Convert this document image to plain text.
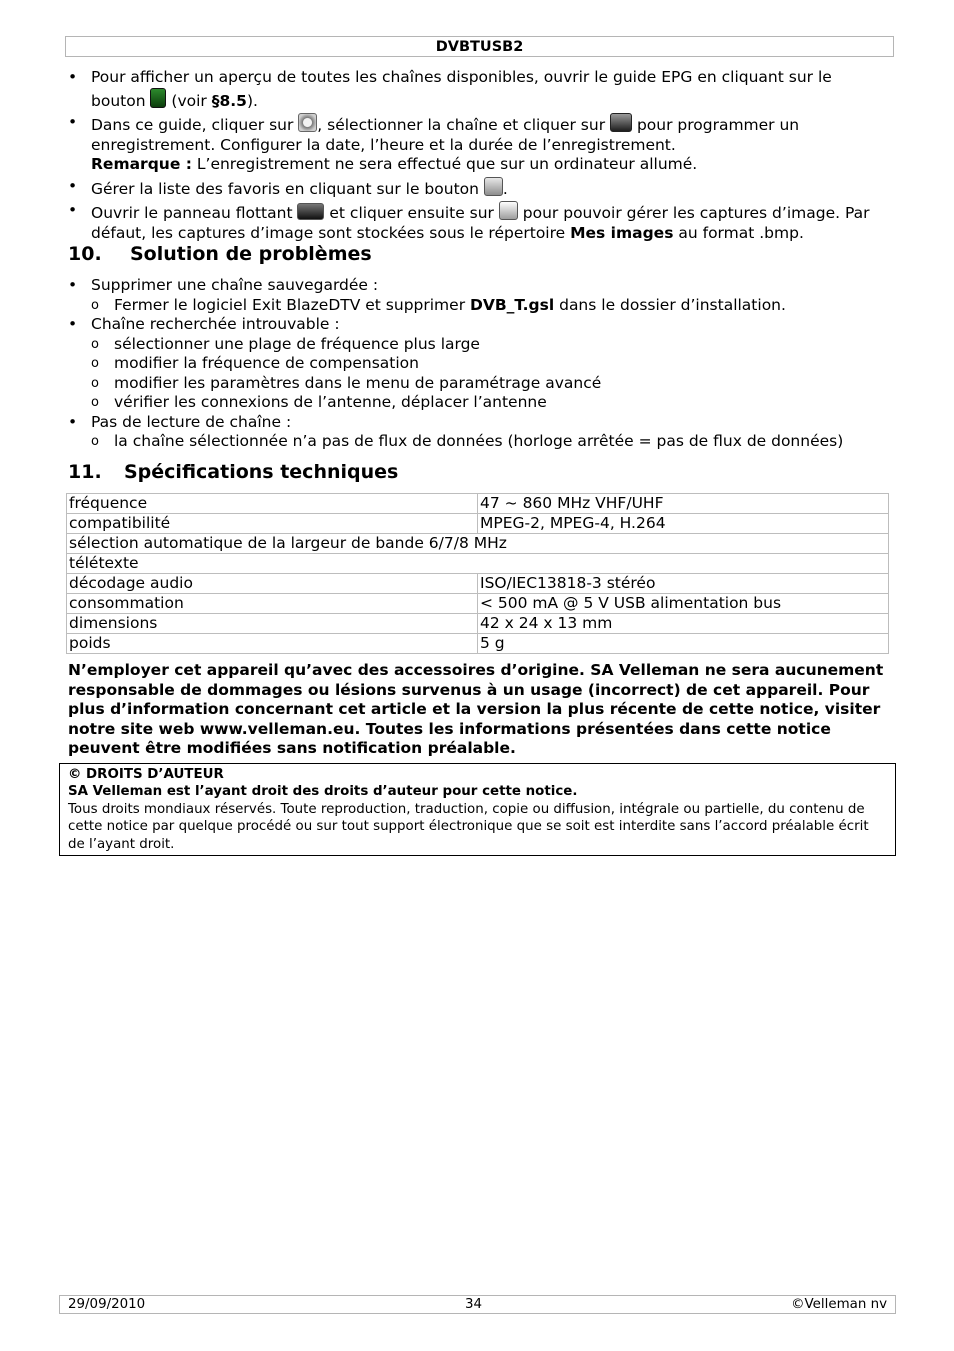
DVBTUSB2
• Pour afficher un aperçu de toutes les chaînes disponibles, ouvrir le guide EPG en cliquant sur le bouton  (voir §8.5).
• Dans ce guide, cliquer sur , sélectionner la chaîne et cliquer sur  pour programmer un enregistrement. Configurer la date, l’heure et la durée de l’enregistrement.
Remarque : L’enregistrement ne sera effectué que sur un ordinateur allumé.
• Gérer la liste des favoris en cliquant sur le bouton .
• Ouvrir le panneau flottant  et cliquer ensuite sur  pour pouvoir gérer les captures d’image. Par défaut, les captures d’image sont stockées sous le répertoire Mes images au format .bmp.
10. Solution de problèmes
• Supprimer une chaîne sauvegardée :
o Fermer le logiciel Exit BlazeDTV et supprimer DVB_T.gsl dans le dossier d’installation.
• Chaîne recherchée introuvable :
o sélectionner une plage de fréquence plus large
o modifier la fréquence de compensation
o modifier les paramètres dans le menu de paramétrage avancé
o vérifier les connexions de l’antenne, déplacer l’antenne
• Pas de lecture de chaîne :
o la chaîne sélectionnée n’a pas de flux de données (horloge arrêtée = pas de flux de données)
11. Spécifications techniques
fréquence	47 ~ 860 MHz VHF/UHF
compatibilité	MPEG-2, MPEG-4, H.264
sélection automatique de la largeur de bande 6/7/8 MHz	
télétexte	
décodage audio	ISO/IEC13818-3 stéréo
consommation	< 500 mA @ 5 V USB alimentation bus
dimensions	42 x 24 x 13 mm
poids	5 g
N’employer cet appareil qu’avec des accessoires d’origine. SA Velleman ne sera aucunement responsable de dommages ou lésions survenus à un usage (incorrect) de cet appareil. Pour plus d’information concernant cet article et la version la plus récente de cette notice, visiter notre site web www.velleman.eu. Toutes les informations présentées dans cette notice peuvent être modifiées sans notification préalable.
© DROITS D’AUTEUR
SA Velleman est l’ayant droit des droits d’auteur pour cette notice.
Tous droits mondiaux réservés. Toute reproduction, traduction, copie ou diffusion, intégrale ou partielle, du contenu de cette notice par quelque procédé ou sur tout support électronique que se soit est interdite sans l’accord préalable écrit de l’ayant droit.
29/09/2010	34	©Velleman nv
